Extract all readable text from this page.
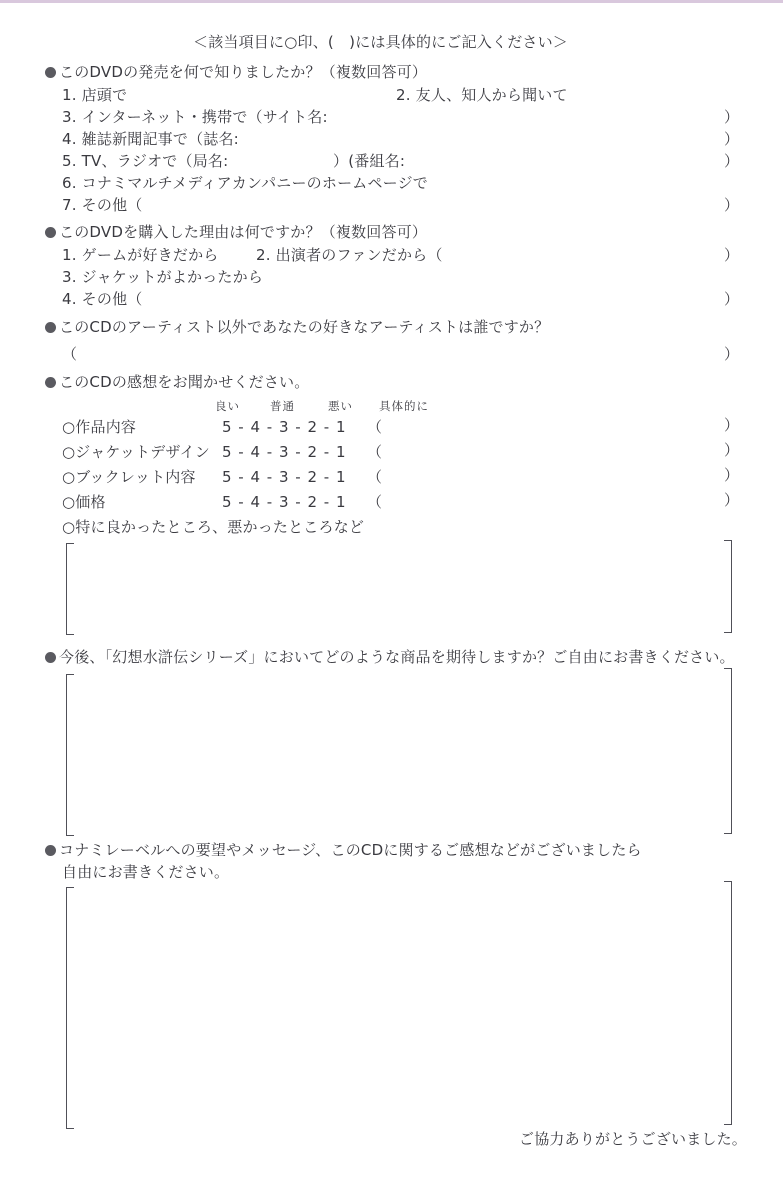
＜該当項目に○印、(　)には具体的にご記入ください＞
このDVDの発売を何で知りましたか？（複数回答可）
1. 店頭で	2. 友人、知人から聞いて
3. インターネット・携帯で（サイト名:	）
4. 雑誌新聞記事で（誌名:	）
5. TV、ラジオで（局名:	）(番組名:	）
6. コナミマルチメディアカンパニーのホームページで
7. その他（	）
このDVDを購入した理由は何ですか？（複数回答可）
1. ゲームが好きだから	2. 出演者のファンだから（	）
3. ジャケットがよかったから
4. その他（	）
このCDのアーティスト以外であなたの好きなアーティストは誰ですか？
（	）
このCDの感想をお聞かせください。
良い	普通	悪い 具体的に
○作品内容	5 - 4 - 3 - 2 - 1 （	）
○ジャケットデザイン 5 - 4 - 3 - 2 - 1 （	）
○ブックレット内容 5 - 4 - 3 - 2 - 1 （	）
○価格	5 - 4 - 3 - 2 - 1 （	）
○特に良かったところ、悪かったところなど
今後、「幻想水滸伝シリーズ」においてどのような商品を期待しますか？ご自由にお書きください。
コナミレーベルへの要望やメッセージ、このCDに関するご感想などがございましたら
自由にお書きください。
ご協力ありがとうございました。
